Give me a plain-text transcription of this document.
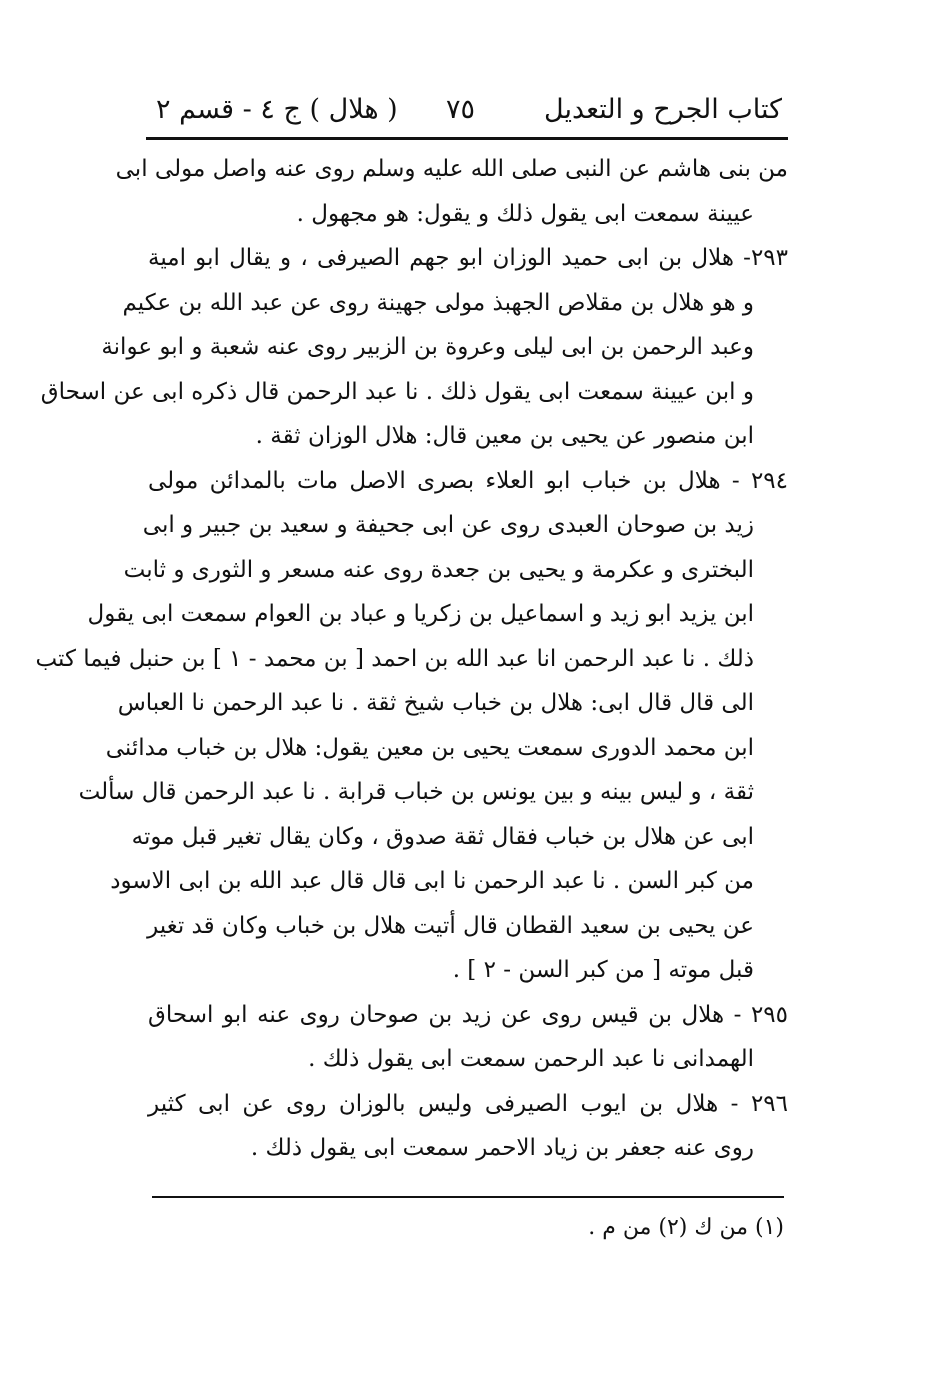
كتاب الجرح و التعديل
٧٥
( هلال ) ج ٤ - قسم ٢
من بنى هاشم عن النبى صلى الله عليه وسلم روى عنه واصل مولى ابى
عيينة سمعت ابى يقول ذلك و يقول: هو مجهول .
٢٩٣- هلال بن ابى حميد الوزان ابو جهم الصيرفى ، و يقال ابو امية
و هو هلال بن مقلاص الجهبذ مولى جهينة روى عن عبد الله بن عكيم
وعبد الرحمن بن ابى ليلى وعروة بن الزبير روى عنه شعبة و ابو عوانة
و ابن عيينة سمعت ابى يقول ذلك . نا عبد الرحمن قال ذكره ابى عن اسحاق
ابن منصور عن يحيى بن معين قال: هلال الوزان ثقة .
٢٩٤ - هلال بن خباب ابو العلاء بصرى الاصل مات بالمدائن مولى
زيد بن صوحان العبدى روى عن ابى جحيفة و سعيد بن جبير و ابى
البخترى و عكرمة و يحيى بن جعدة روى عنه مسعر و الثورى و ثابت
ابن يزيد ابو زيد و اسماعيل بن زكريا و عباد بن العوام سمعت ابى يقول
ذلك . نا عبد الرحمن انا عبد الله بن احمد [ بن محمد - ١ ] بن حنبل فيما كتب
الى قال قال ابى: هلال بن خباب شيخ ثقة . نا عبد الرحمن نا العباس
ابن محمد الدورى سمعت يحيى بن معين يقول: هلال بن خباب مدائنى
ثقة ، و ليس بينه و بين يونس بن خباب قرابة . نا عبد الرحمن قال سألت
ابى عن هلال بن خباب فقال ثقة صدوق ، وكان يقال تغير قبل موته
من كبر السن . نا عبد الرحمن نا ابى قال قال عبد الله بن ابى الاسود
عن يحيى بن سعيد القطان قال أتيت هلال بن خباب وكان قد تغير
قبل موته [ من كبر السن - ٢ ] .
٢٩٥ - هلال بن قيس روى عن زيد بن صوحان روى عنه ابو اسحاق
الهمدانى نا عبد الرحمن سمعت ابى يقول ذلك .
٢٩٦ - هلال بن ايوب الصيرفى وليس بالوزان روى عن ابى كثير
روى عنه جعفر بن زياد الاحمر سمعت ابى يقول ذلك .
(١) من ك (٢) من م .
